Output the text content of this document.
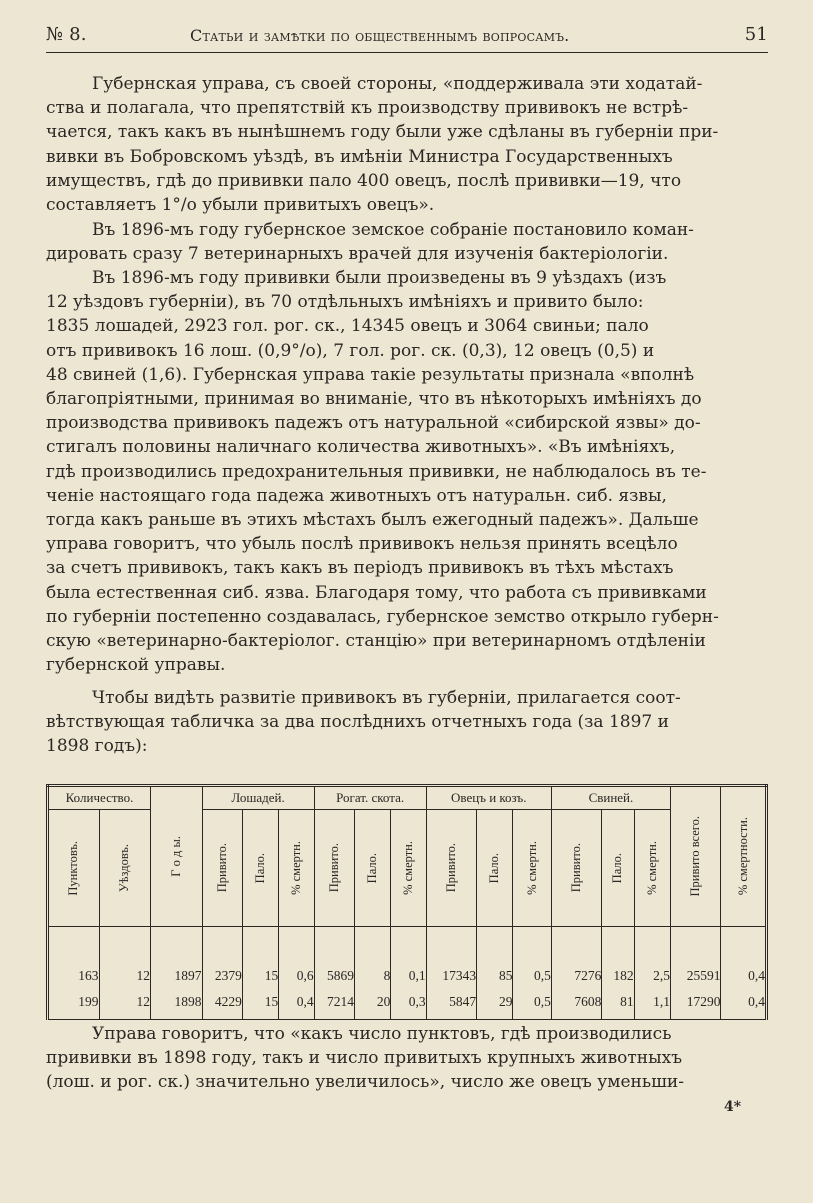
№ 8.	Статьи и замѣтки по общественнымъ вопросамъ.	51
Губернская управа, съ своей стороны, «поддерживала эти ходатай-
ства и полагала, что препятствій къ производству прививокъ не встрѣ-
чается, такъ какъ въ нынѣшнемъ году были уже сдѣланы въ губерніи при-
вивки въ Бобровскомъ уѣздѣ, въ имѣніи Министра Государственныхъ
имуществъ, гдѣ до прививки пало 400 овецъ, послѣ прививки—19, что
составляетъ 1°/o убыли привитыхъ овецъ».
Въ 1896-мъ году губернское земское собраніе постановило коман-
дировать сразу 7 ветеринарныхъ врачей для изученія бактеріологіи.
Въ 1896-мъ году прививки были произведены въ 9 уѣздахъ (изъ
12 уѣздовъ губерніи), въ 70 отдѣльныхъ имѣніяхъ и привито было:
1835 лошадей, 2923 гол. рог. ск., 14345 овецъ и 3064 свиньи; пало
отъ прививокъ 16 лош. (0,9°/o), 7 гол. рог. ск. (0,3), 12 овецъ (0,5) и
48 свиней (1,6). Губернская управа такіе результаты признала «вполнѣ
благопріятными, принимая во вниманіе, что въ нѣкоторыхъ имѣніяхъ до
производства прививокъ падежъ отъ натуральной «сибирской язвы» до-
стигалъ половины наличнаго количества животныхъ». «Въ имѣніяхъ,
гдѣ производились предохранительныя прививки, не наблюдалось въ те-
ченіе настоящаго года падежа животныхъ отъ натуральн. сиб. язвы,
тогда какъ раньше въ этихъ мѣстахъ былъ ежегодный падежъ». Дальше
управа говоритъ, что убыль послѣ прививокъ нельзя принять всецѣло
за счетъ прививокъ, такъ какъ въ періодъ прививокъ въ тѣхъ мѣстахъ
была естественная сиб. язва. Благодаря тому, что работа съ прививками
по губерніи постепенно создавалась, губернское земство открыло губерн-
скую «ветеринарно-бактеріолог. станцію» при ветеринарномъ отдѣленіи
губернской управы.
Чтобы видѣть развитіе прививокъ въ губерніи, прилагается соот-
вѣтствующая табличка за два послѣднихъ отчетныхъ года (за 1897 и
1898 годъ):
Количество.		Г о д ы.	Лошадей.			Рогат. скота.			Овецъ и козъ.			Свиней.			Привито всего.	% смертности.

Пунктовъ.	Уѣздовъ.		Привито.	Пало.	% смертн.	Привито.	Пало.	% смертн.	Привито.	Пало.	% смертн.	Привито.	Пало.	% смертн.		

163	12	1897	2379	15	0,6	5869	8	0,1	17343	85	0,5	7276	182	2,5	25591	0,4
199	12	1898	4229	15	0,4	7214	20	0,3	5847	29	0,5	7608	81	1,1	17290	0,4
Управа говоритъ, что «какъ число пунктовъ, гдѣ производились
прививки въ 1898 году, такъ и число привитыхъ крупныхъ животныхъ
(лош. и рог. ск.) значительно увеличилось», число же овецъ уменьши-
4*
